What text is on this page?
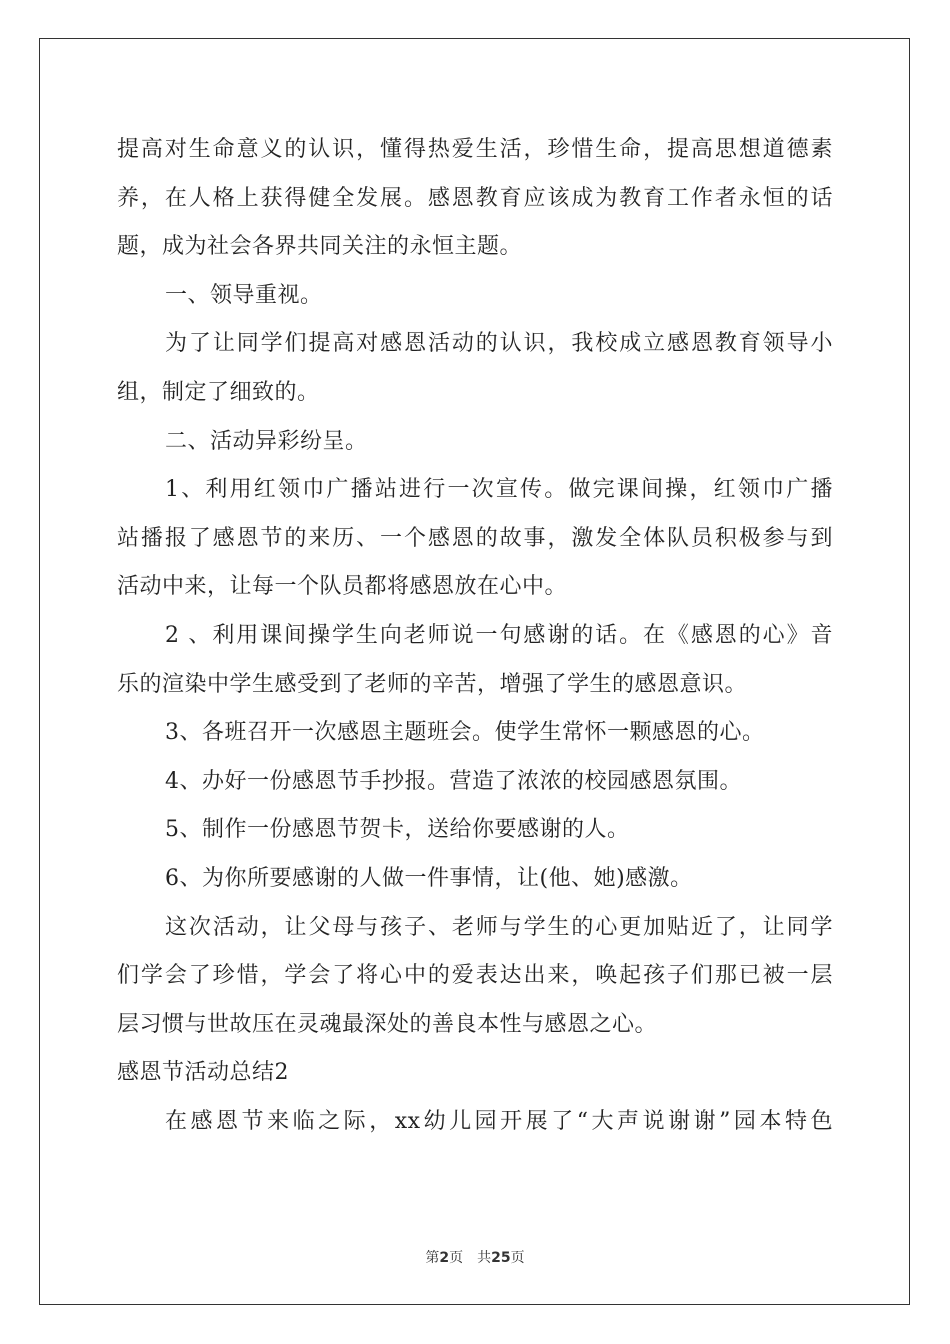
提高对生命意义的认识，懂得热爱生活，珍惜生命，提高思想道德素
养，在人格上获得健全发展。感恩教育应该成为教育工作者永恒的话
题，成为社会各界共同关注的永恒主题。
一、领导重视。
为了让同学们提高对感恩活动的认识，我校成立感恩教育领导小
组，制定了细致的。
二、活动异彩纷呈。
1、利用红领巾广播站进行一次宣传。做完课间操，红领巾广播
站播报了感恩节的来历、一个感恩的故事，激发全体队员积极参与到
活动中来，让每一个队员都将感恩放在心中。
2 、利用课间操学生向老师说一句感谢的话。在《感恩的心》音
乐的渲染中学生感受到了老师的辛苦，增强了学生的感恩意识。
3、各班召开一次感恩主题班会。使学生常怀一颗感恩的心。
4、办好一份感恩节手抄报。营造了浓浓的校园感恩氛围。
5、制作一份感恩节贺卡，送给你要感谢的人。
6、为你所要感谢的人做一件事情，让(他、她)感激。
这次活动，让父母与孩子、老师与学生的心更加贴近了，让同学
们学会了珍惜，学会了将心中的爱表达出来，唤起孩子们那已被一层
层习惯与世故压在灵魂最深处的善良本性与感恩之心。
感恩节活动总结2
在感恩节来临之际，xx幼儿园开展了“大声说谢谢”园本特色
第2页 共25页
